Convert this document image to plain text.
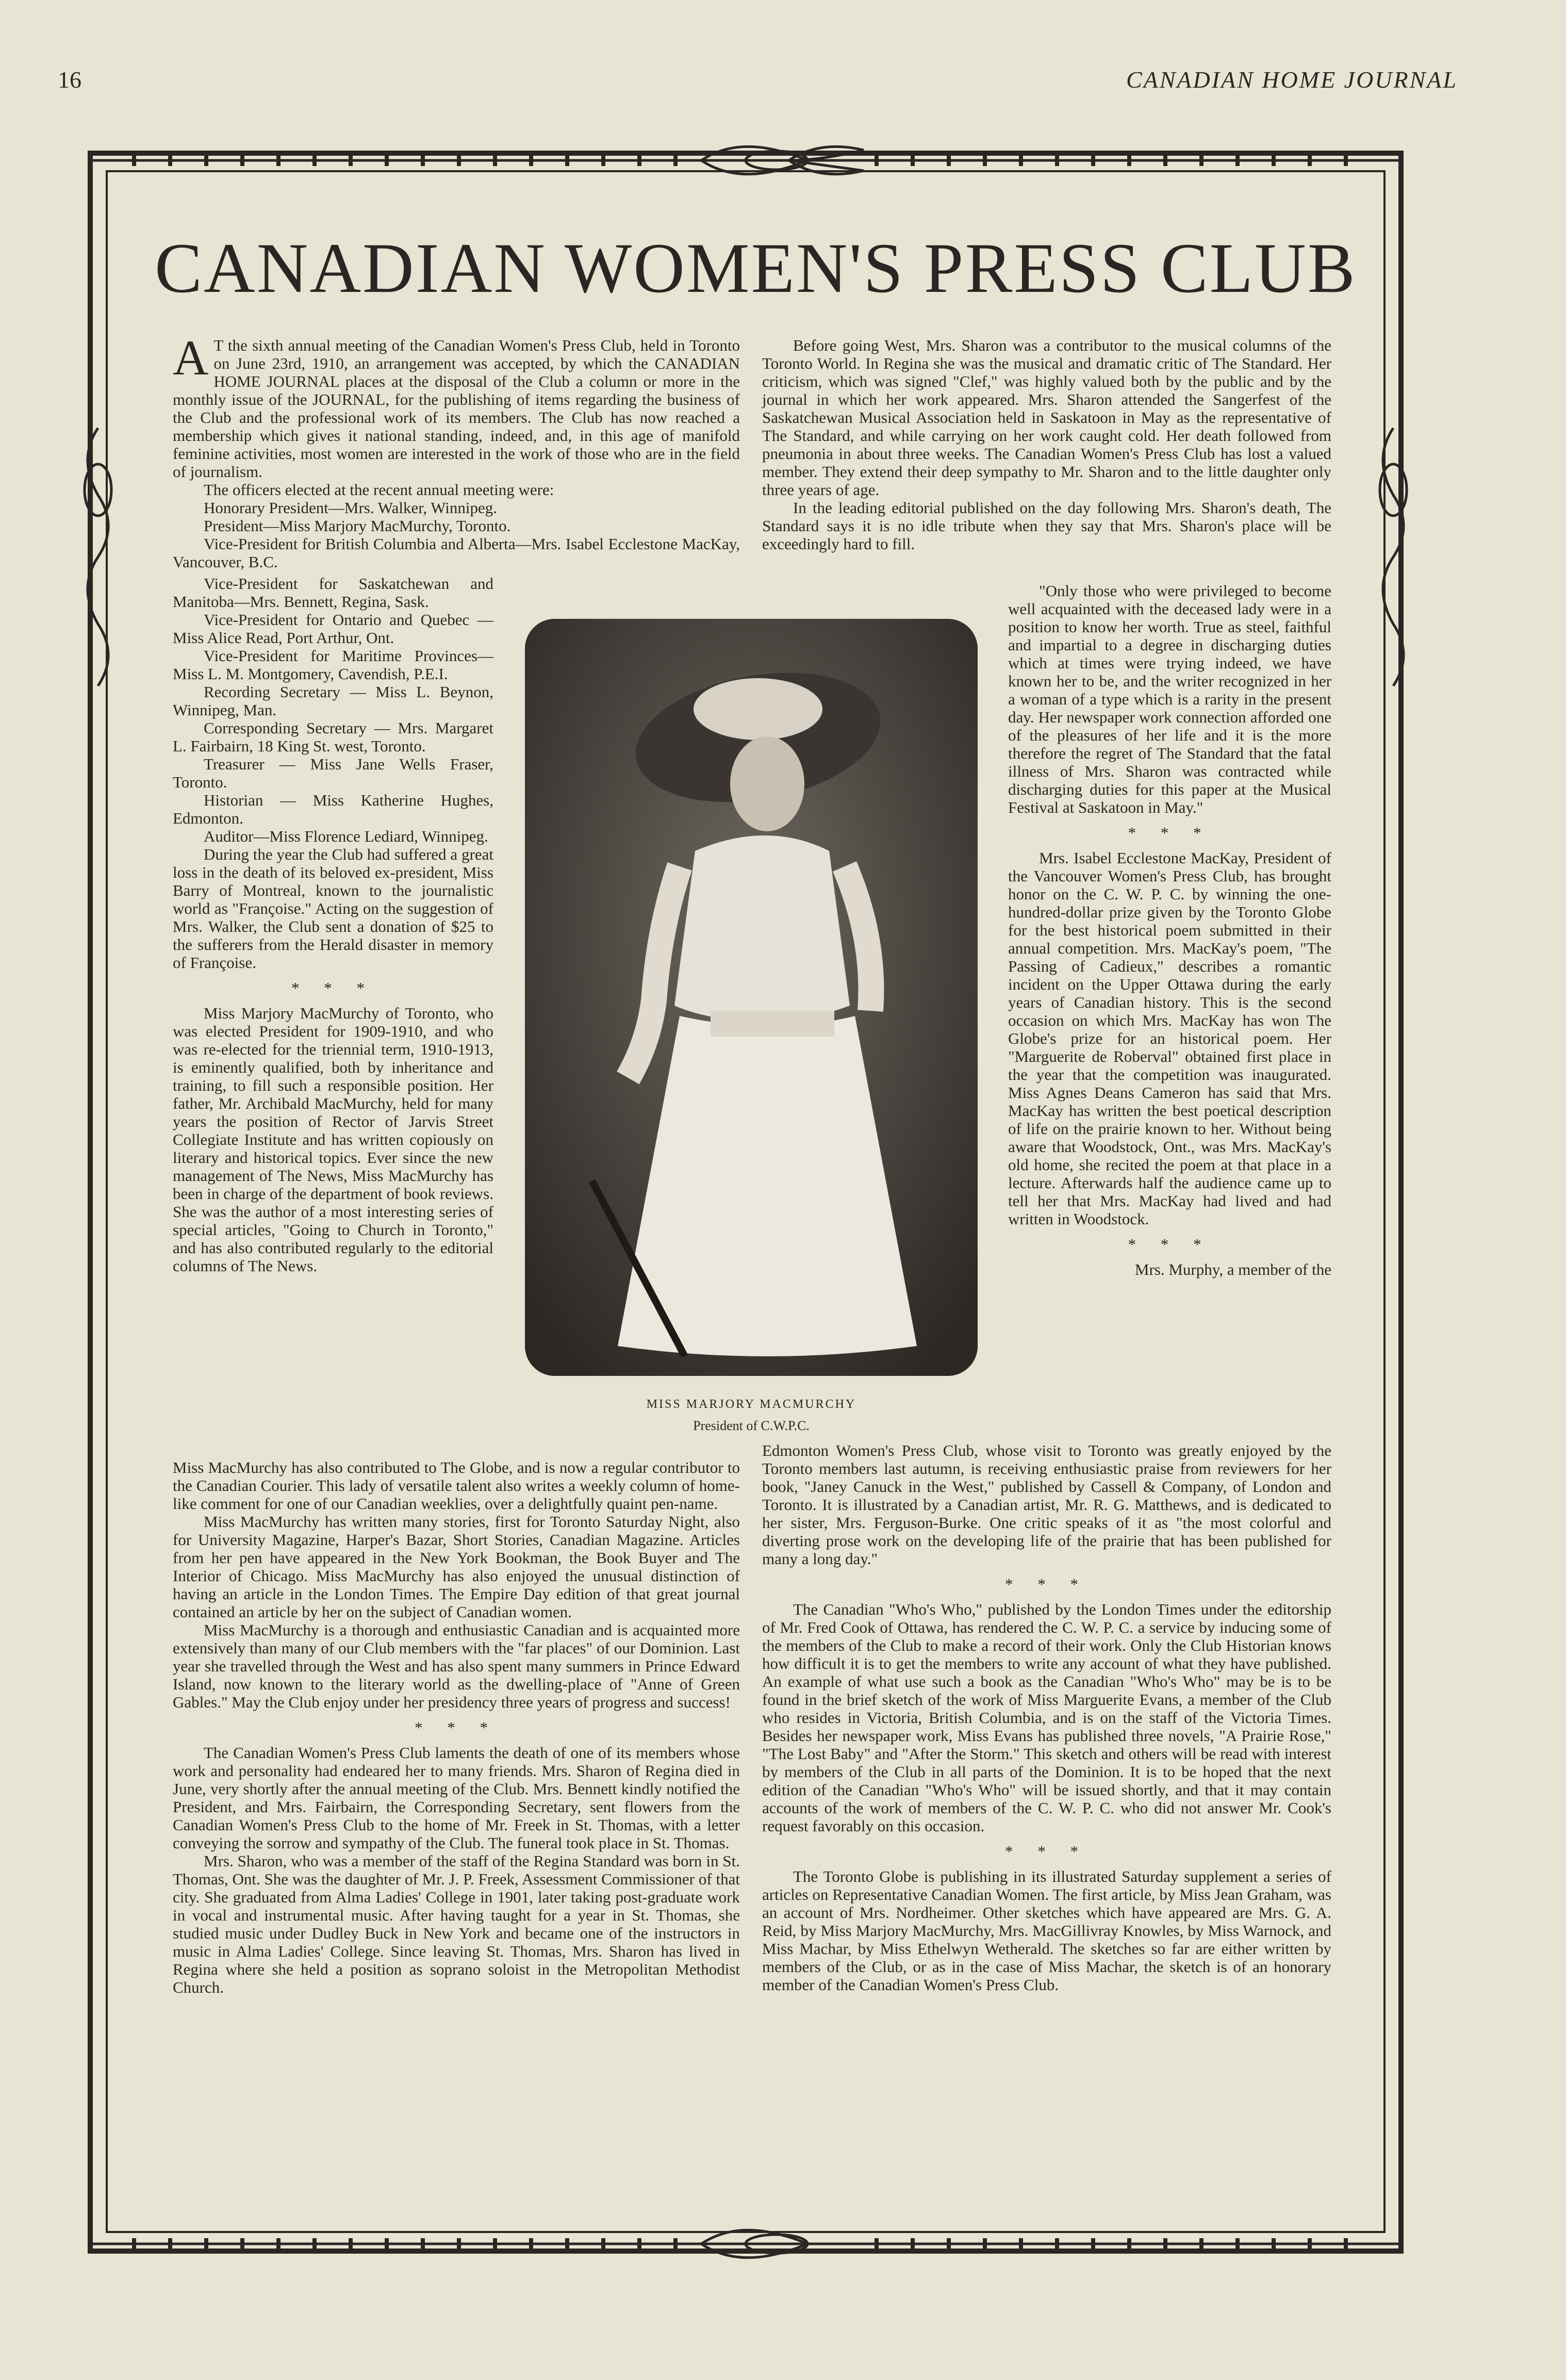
16	CANADIAN HOME JOURNAL
CANADIAN WOMEN'S PRESS CLUB
A T the sixth annual meeting of the Canadian Women's Press Club, held in Toronto on June 23rd, 1910, an arrangement was accepted, by which the CANADIAN HOME JOURNAL places at the disposal of the Club a column or more in the monthly issue of the JOURNAL, for the publishing of items regarding the business of the Club and the professional work of its members. The Club has now reached a membership which gives it national standing, indeed, and, in this age of manifold feminine activities, most women are interested in the work of those who are in the field of journalism.

The officers elected at the recent annual meeting were:

Honorary President—Mrs. Walker, Winnipeg.

President—Miss Marjory MacMurchy, Toronto.

Vice-President for British Columbia and Alberta—Mrs. Isabel Ecclestone MacKay, Vancouver, B.C.

Vice-President for Saskatchewan and Manitoba—Mrs. Bennett, Regina, Sask.

Vice-President for Ontario and Quebec — Miss Alice Read, Port Arthur, Ont.

Vice-President for Maritime Provinces—Miss L. M. Montgomery, Cavendish, P.E.I.

Recording Secretary — Miss L. Beynon, Winnipeg, Man.

Corresponding Secretary — Mrs. Margaret L. Fairbairn, 18 King St. west, Toronto.

Treasurer — Miss Jane Wells Fraser, Toronto.

Historian — Miss Katherine Hughes, Edmonton.

Auditor—Miss Florence Lediard, Winnipeg.

During the year the Club had suffered a great loss in the death of its beloved ex-president, Miss Barry of Montreal, known to the journalistic world as "Françoise." Acting on the suggestion of Mrs. Walker, the Club sent a donation of $25 to the sufferers from the Herald disaster in memory of Françoise.

* * *

Miss Marjory MacMurchy of Toronto, who was elected President for 1909-1910, and who was re-elected for the triennial term, 1910-1913, is eminently qualified, both by inheritance and training, to fill such a responsible position. Her father, Mr. Archibald MacMurchy, held for many years the position of Rector of Jarvis Street Collegiate Institute and has written copiously on literary and historical topics. Ever since the new management of The News, Miss MacMurchy has been in charge of the department of book reviews. She was the author of a most interesting series of special articles, "Going to Church in Toronto," and has also contributed regularly to the editorial columns of The News.

MISS MARJORY MACMURCHY
President of C.W.P.C.

Miss MacMurchy has also contributed to The Globe, and is now a regular contributor to the Canadian Courier. This lady of versatile talent also writes a weekly column of home-like comment for one of our Canadian weeklies, over a delightfully quaint pen-name.

Miss MacMurchy has written many stories, first for Toronto Saturday Night, also for University Magazine, Harper's Bazar, Short Stories, Canadian Magazine. Articles from her pen have appeared in the New York Bookman, the Book Buyer and The Interior of Chicago. Miss MacMurchy has also enjoyed the unusual distinction of having an article in the London Times. The Empire Day edition of that great journal contained an article by her on the subject of Canadian women.

Miss MacMurchy is a thorough and enthusiastic Canadian and is acquainted more extensively than many of our Club members with the "far places" of our Dominion. Last year she travelled through the West and has also spent many summers in Prince Edward Island, now known to the literary world as the dwelling-place of "Anne of Green Gables." May the Club enjoy under her presidency three years of progress and success!

* * *

The Canadian Women's Press Club laments the death of one of its members whose work and personality had endeared her to many friends. Mrs. Sharon of Regina died in June, very shortly after the annual meeting of the Club. Mrs. Bennett kindly notified the President, and Mrs. Fairbairn, the Corresponding Secretary, sent flowers from the Canadian Women's Press Club to the home of Mr. Freek in St. Thomas, with a letter conveying the sorrow and sympathy of the Club. The funeral took place in St. Thomas.

Mrs. Sharon, who was a member of the staff of the Regina Standard was born in St. Thomas, Ont. She was the daughter of Mr. J. P. Freek, Assessment Commissioner of that city. She graduated from Alma Ladies' College in 1901, later taking post-graduate work in vocal and instrumental music. After having taught for a year in St. Thomas, she studied music under Dudley Buck in New York and became one of the instructors in music in Alma Ladies' College. Since leaving St. Thomas, Mrs. Sharon has lived in Regina where she held a position as soprano soloist in the Metropolitan Methodist Church.

Before going West, Mrs. Sharon was a contributor to the musical columns of the Toronto World. In Regina she was the musical and dramatic critic of The Standard. Her criticism, which was signed "Clef," was highly valued both by the public and by the journal in which her work appeared. Mrs. Sharon attended the Sangerfest of the Saskatchewan Musical Association held in Saskatoon in May as the representative of The Standard, and while carrying on her work caught cold. Her death followed from pneumonia in about three weeks. The Canadian Women's Press Club has lost a valued member. They extend their deep sympathy to Mr. Sharon and to the little daughter only three years of age.

In the leading editorial published on the day following Mrs. Sharon's death, The Standard says it is no idle tribute when they say that Mrs. Sharon's place will be exceedingly hard to fill.

"Only those who were privileged to become well acquainted with the deceased lady were in a position to know her worth. True as steel, faithful and impartial to a degree in discharging duties which at times were trying indeed, we have known her to be, and the writer recognized in her a woman of a type which is a rarity in the present day. Her newspaper work connection afforded one of the pleasures of her life and it is the more therefore the regret of The Standard that the fatal illness of Mrs. Sharon was contracted while discharging duties for this paper at the Musical Festival at Saskatoon in May."

* * *

Mrs. Isabel Ecclestone MacKay, President of the Vancouver Women's Press Club, has brought honor on the C. W. P. C. by winning the one-hundred-dollar prize given by the Toronto Globe for the best historical poem submitted in their annual competition. Mrs. MacKay's poem, "The Passing of Cadieux," describes a romantic incident on the Upper Ottawa during the early years of Canadian history. This is the second occasion on which Mrs. MacKay has won The Globe's prize for an historical poem. Her "Marguerite de Roberval" obtained first place in the year that the competition was inaugurated. Miss Agnes Deans Cameron has said that Mrs. MacKay has written the best poetical description of life on the prairie known to her. Without being aware that Woodstock, Ont., was Mrs. MacKay's old home, she recited the poem at that place in a lecture. Afterwards half the audience came up to tell her that Mrs. MacKay had lived and had written in Woodstock.

* * *

Mrs. Murphy, a member of the

Edmonton Women's Press Club, whose visit to Toronto was greatly enjoyed by the Toronto members last autumn, is receiving enthusiastic praise from reviewers for her book, "Janey Canuck in the West," published by Cassell & Company, of London and Toronto. It is illustrated by a Canadian artist, Mr. R. G. Matthews, and is dedicated to her sister, Mrs. Ferguson-Burke. One critic speaks of it as "the most colorful and diverting prose work on the developing life of the prairie that has been published for many a long day."

* * *

The Canadian "Who's Who," published by the London Times under the editorship of Mr. Fred Cook of Ottawa, has rendered the C. W. P. C. a service by inducing some of the members of the Club to make a record of their work. Only the Club Historian knows how difficult it is to get the members to write any account of what they have published. An example of what use such a book as the Canadian "Who's Who" may be is to be found in the brief sketch of the work of Miss Marguerite Evans, a member of the Club who resides in Victoria, British Columbia, and is on the staff of the Victoria Times. Besides her newspaper work, Miss Evans has published three novels, "A Prairie Rose," "The Lost Baby" and "After the Storm." This sketch and others will be read with interest by members of the Club in all parts of the Dominion. It is to be hoped that the next edition of the Canadian "Who's Who" will be issued shortly, and that it may contain accounts of the work of members of the C. W. P. C. who did not answer Mr. Cook's request favorably on this occasion.

* * *

The Toronto Globe is publishing in its illustrated Saturday supplement a series of articles on Representative Canadian Women. The first article, by Miss Jean Graham, was an account of Mrs. Nordheimer. Other sketches which have appeared are Mrs. G. A. Reid, by Miss Marjory MacMurchy, Mrs. MacGillivray Knowles, by Miss Warnock, and Miss Machar, by Miss Ethelwyn Wetherald. The sketches so far are either written by members of the Club, or as in the case of Miss Machar, the sketch is of an honorary member of the Canadian Women's Press Club.
